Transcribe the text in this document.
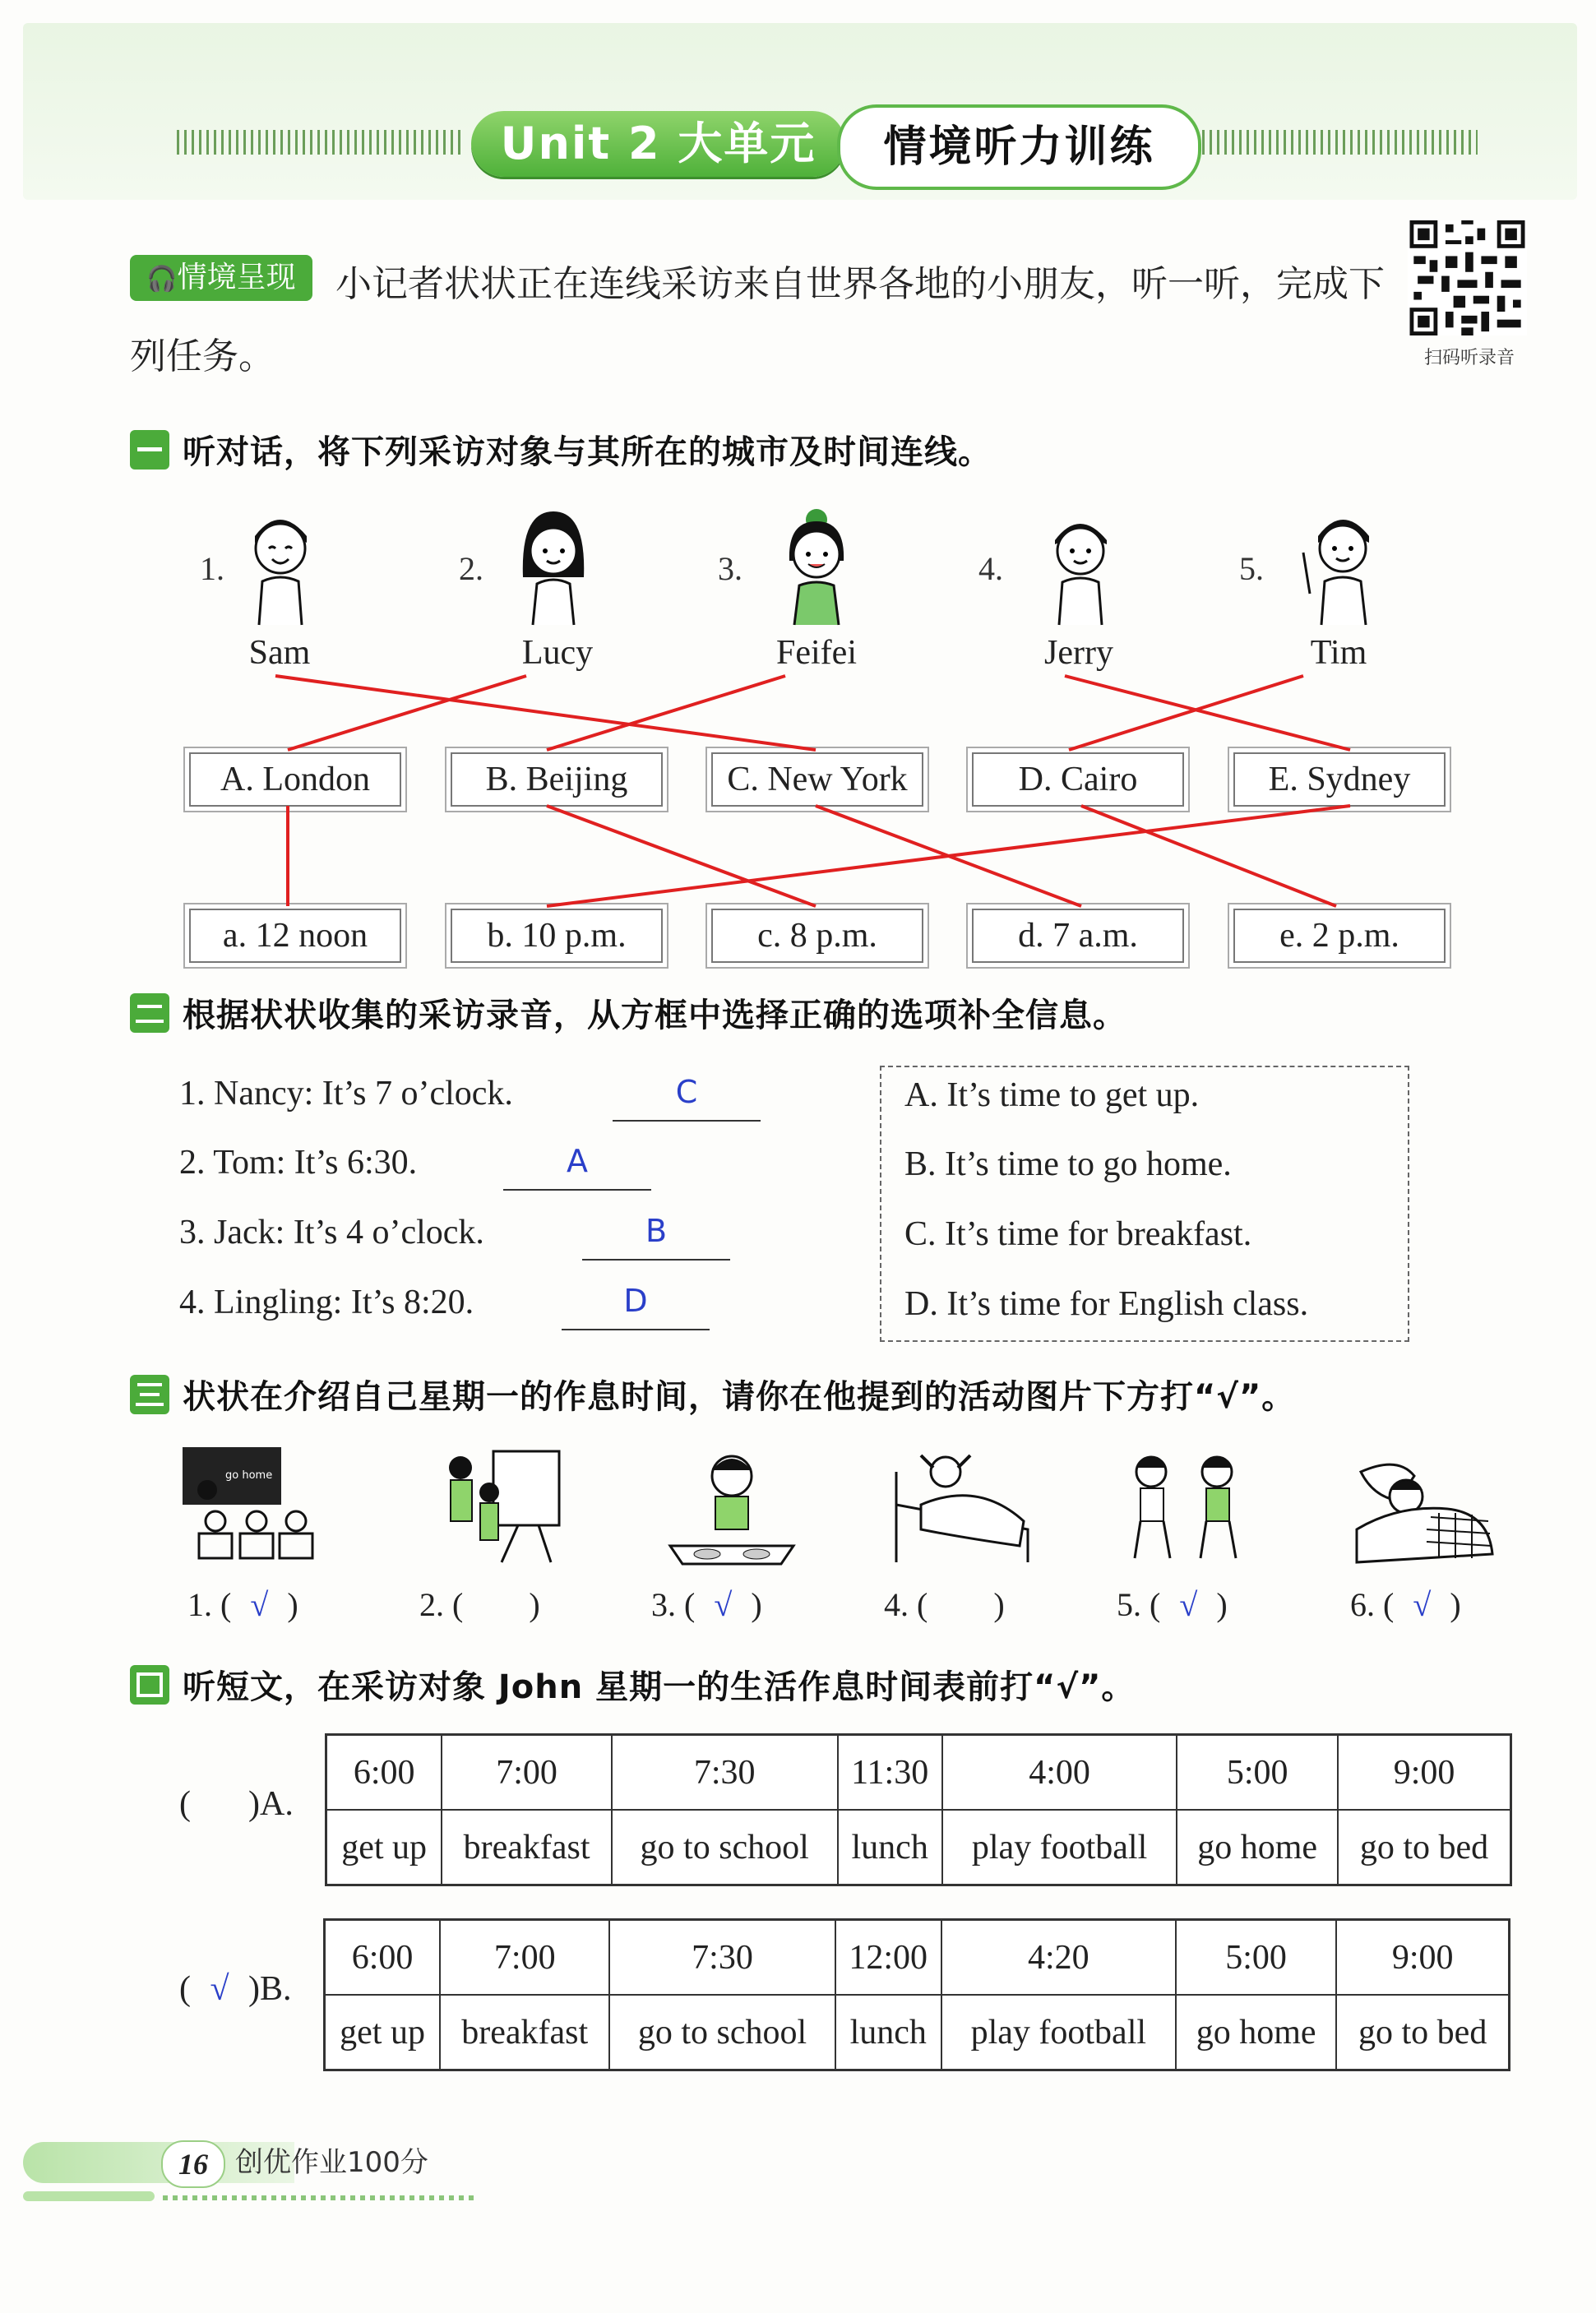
Unit 2 大单元	情境听力训练
小记者状状正在连线采访来自世界各地的小朋友，听一听，完成下列任务。
🎧情境呈现
扫码听录音
听对话，将下列采访对象与其所在的城市及时间连线。
1.	2.	3.	4.	5.
Sam	Lucy	Feifei	Jerry	Tim
A. London	B. Beijing	C. New York	D. Cairo	E. Sydney
a. 12 noon	b. 10 p.m.	c. 8 p.m.	d. 7 a.m.	e. 2 p.m.
根据状状收集的采访录音，从方框中选择正确的选项补全信息。
1. Nancy: It’s 7 o’clock.	C
2. Tom: It’s 6:30.	A
3. Jack: It’s 4 o’clock.	B
4. Lingling: It’s 8:20.	D
A. It’s time to get up.
B. It’s time to go home.
C. It’s time for breakfast.
D. It’s time for English class.
状状在介绍自己星期一的作息时间，请你在他提到的活动图片下方打“√”。
go home
1. ( √ )	2. ( )	3. ( √ )	4. ( )	5. ( √ )	6. ( √ )
听短文，在采访对象 John 星期一的生活作息时间表前打“√”。
( )A.
6:00	7:00	7:30	11:30	4:00	5:00	9:00
get up	breakfast	go to school	lunch	play football	go home	go to bed
( √ )B.
6:00	7:00	7:30	12:00	4:20	5:00	9:00
get up	breakfast	go to school	lunch	play football	go home	go to bed
16 创优作业100分
